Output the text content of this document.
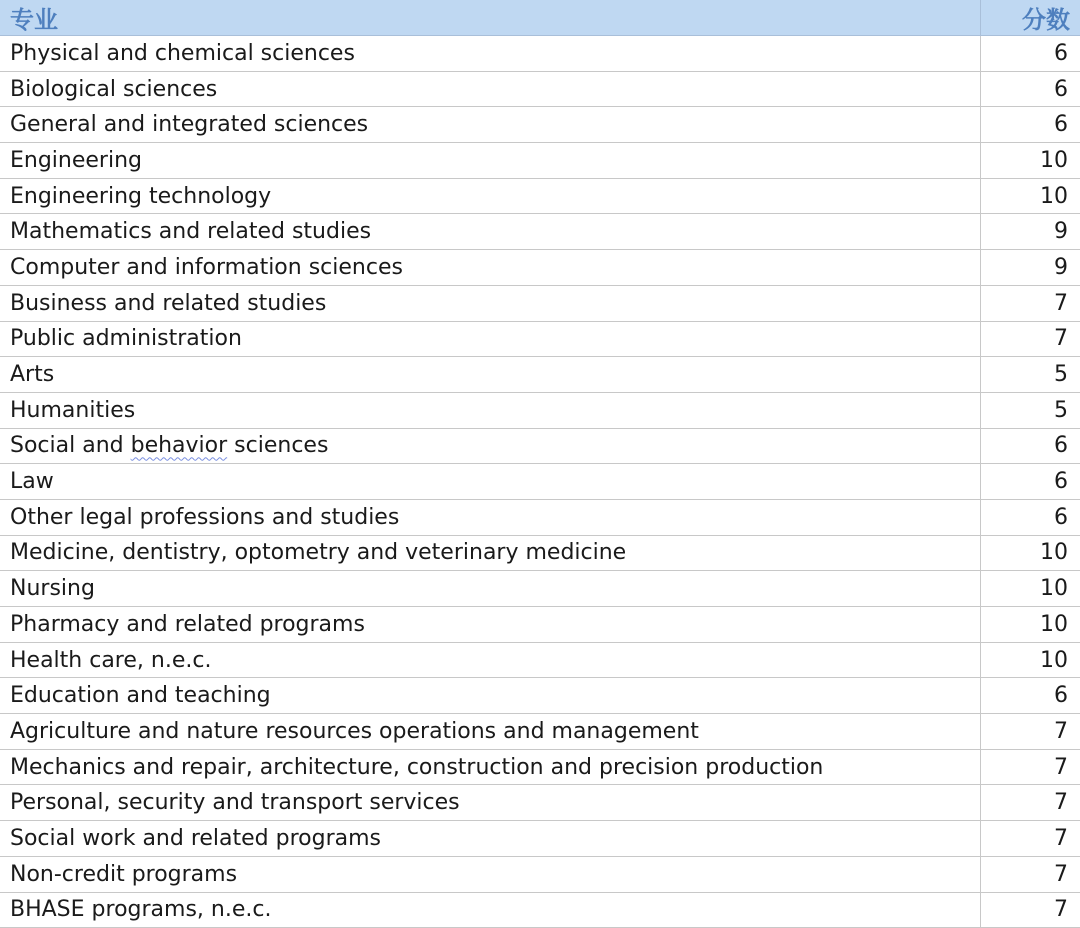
专业	分数
Physical and chemical sciences	6
Biological sciences	6
General and integrated sciences	6
Engineering	10
Engineering technology	10
Mathematics and related studies	9
Computer and information sciences	9
Business and related studies	7
Public administration	7
Arts	5
Humanities	5
Social and behavior sciences	6
Law	6
Other legal professions and studies	6
Medicine, dentistry, optometry and veterinary medicine	10
Nursing	10
Pharmacy and related programs	10
Health care, n.e.c.	10
Education and teaching	6
Agriculture and nature resources operations and management	7
Mechanics and repair, architecture, construction and precision production	7
Personal, security and transport services	7
Social work and related programs	7
Non-credit programs	7
BHASE programs, n.e.c.	7
